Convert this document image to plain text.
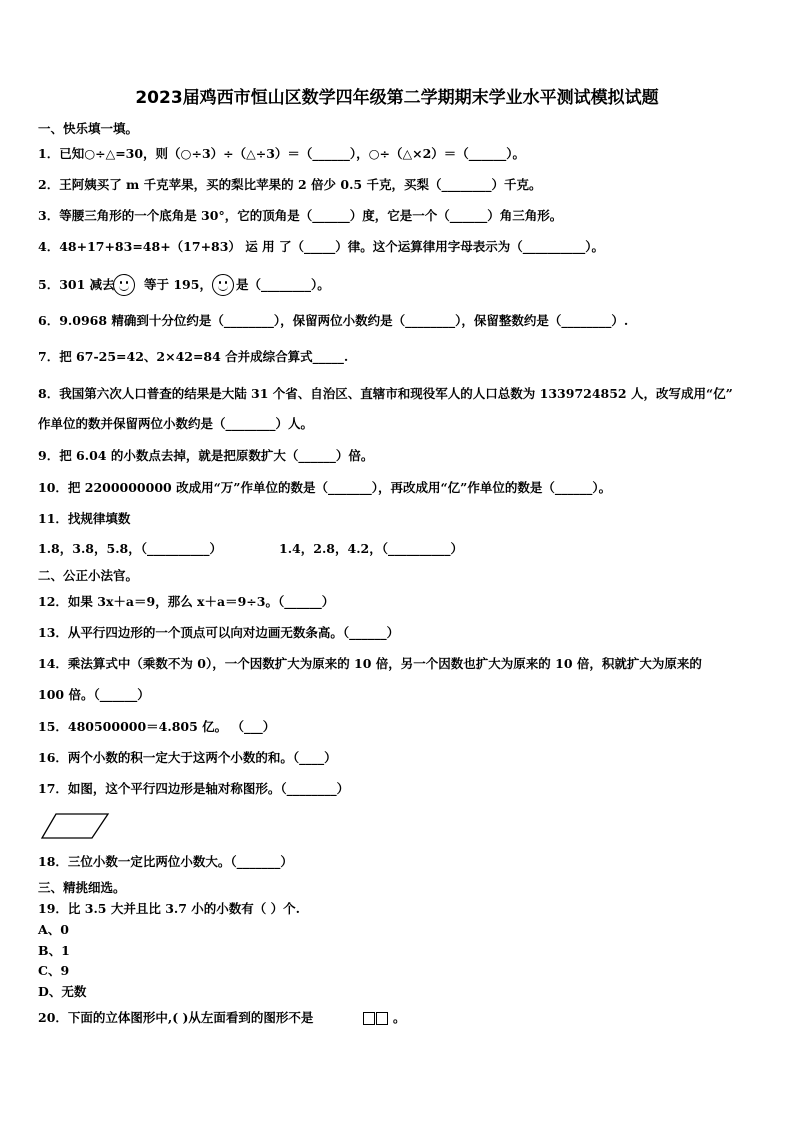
2023届鸡西市恒山区数学四年级第二学期期末学业水平测试模拟试题
一、快乐填一填。
1．已知○÷△=30，则（○÷3）÷（△÷3）＝（______），○÷（△×2）＝（______）。
2．王阿姨买了 m 千克苹果，买的梨比苹果的 2 倍少 0.5 千克，买梨（________）千克。
3．等腰三角形的一个底角是 30°，它的顶角是（______）度，它是一个（______）角三角形。
4．48+17+83=48+（17+83） 运 用 了（_____）律。这个运算律用字母表示为（__________）。
5．301 减去 等于 195， 是（________）。
6．9.0968 精确到十分位约是（________），保留两位小数约是（________），保留整数约是（________）.
7．把 67-25=42、2×42=84 合并成综合算式_____.
8．我国第六次人口普查的结果是大陆 31 个省、自治区、直辖市和现役军人的人口总数为 1339724852 人，改写成用“亿”
作单位的数并保留两位小数约是（________）人。
9．把 6.04 的小数点去掉，就是把原数扩大（______）倍。
10．把 2200000000 改成用“万”作单位的数是（_______），再改成用“亿”作单位的数是（______）。
11．找规律填数
1.8，3.8，5.8，（__________）	1.4，2.8，4.2，（__________）
二、公正小法官。
12．如果 3x＋a＝9，那么 x＋a＝9÷3。（______）
13．从平行四边形的一个顶点可以向对边画无数条高。（______）
14．乘法算式中（乘数不为 0），一个因数扩大为原来的 10 倍，另一个因数也扩大为原来的 10 倍，积就扩大为原来的
100 倍。（______）
15．480500000＝4.805 亿。 （___）
16．两个小数的积一定大于这两个小数的和。（____）
17．如图，这个平行四边形是轴对称图形。（________）
18．三位小数一定比两位小数大。（_______）
三、精挑细选。
19．比 3.5 大并且比 3.7 小的小数有（ ）个.
A、0
B、1
C、9
D、无数
20．下面的立体图形中,( )从左面看到的图形不是	。
